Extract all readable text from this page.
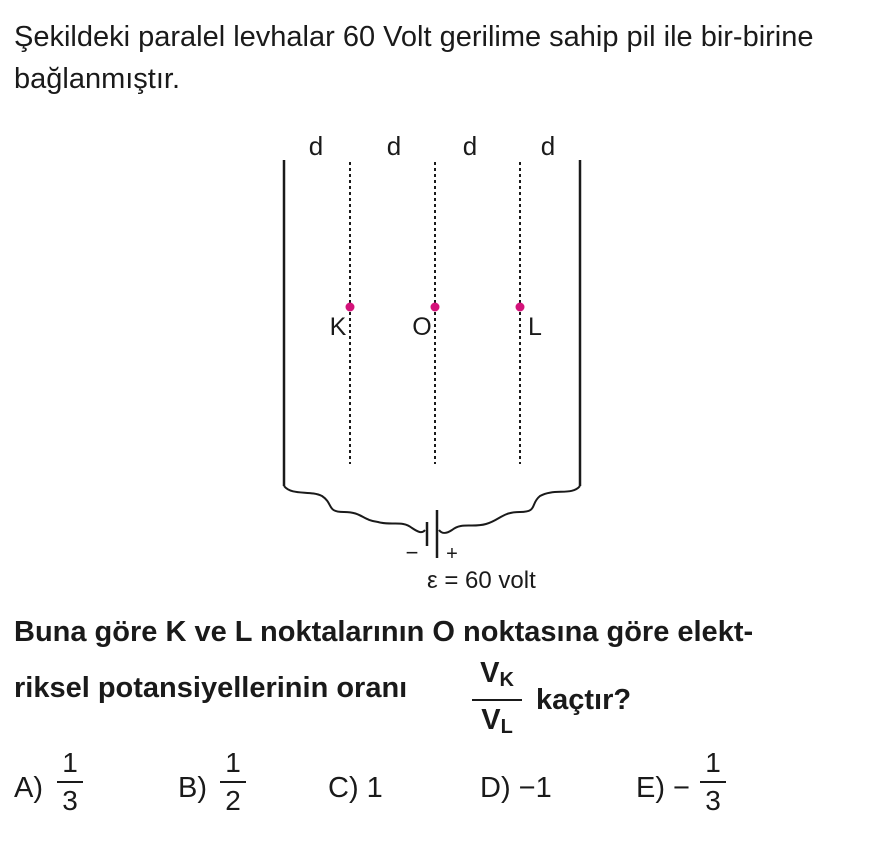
Şekildeki paralel levhalar 60 Volt gerilime sahip pil ile bir-birine bağlanmıştır.
d d d d
K	O	L
− +
ε = 60 volt
Buna göre K ve L noktalarının O noktasına göre elekt-
riksel potansiyellerinin oranı	$V_K$
$V_L$
kaçtır?
A)
1
3	B)
1
2	C) 1	D) −1	E) −
1
3
